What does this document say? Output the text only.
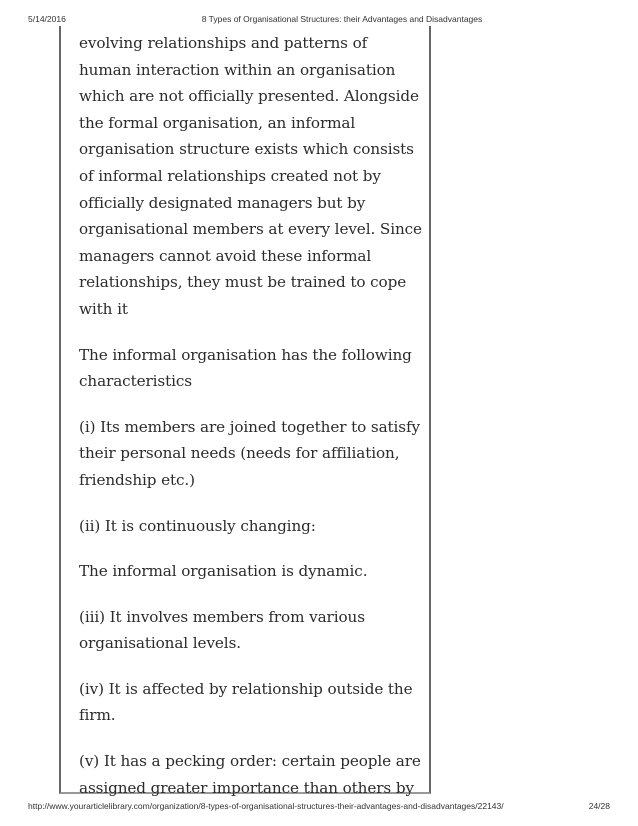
5/14/2016	8 Types of Organisational Structures: their Advantages and Disadvantages

evolving relationships and patterns of human interaction within an organisation which are not officially presented. Alongside the formal organisation, an informal organisation structure exists which consists of informal relationships created not by officially designated managers but by organisational members at every level. Since managers cannot avoid these informal relationships, they must be trained to cope with it

The informal organisation has the following characteristics

(i) Its members are joined together to satisfy their personal needs (needs for affiliation, friendship etc.)

(ii) It is continuously changing:

The informal organisation is dynamic.

(iii) It involves members from various organisational levels.

(iv) It is affected by relationship outside the firm.

(v) It has a pecking order: certain people are assigned greater importance than others by

http://www.yourarticlelibrary.com/organization/8-types-of-organisational-structures-their-advantages-and-disadvantages/22143/	24/28
